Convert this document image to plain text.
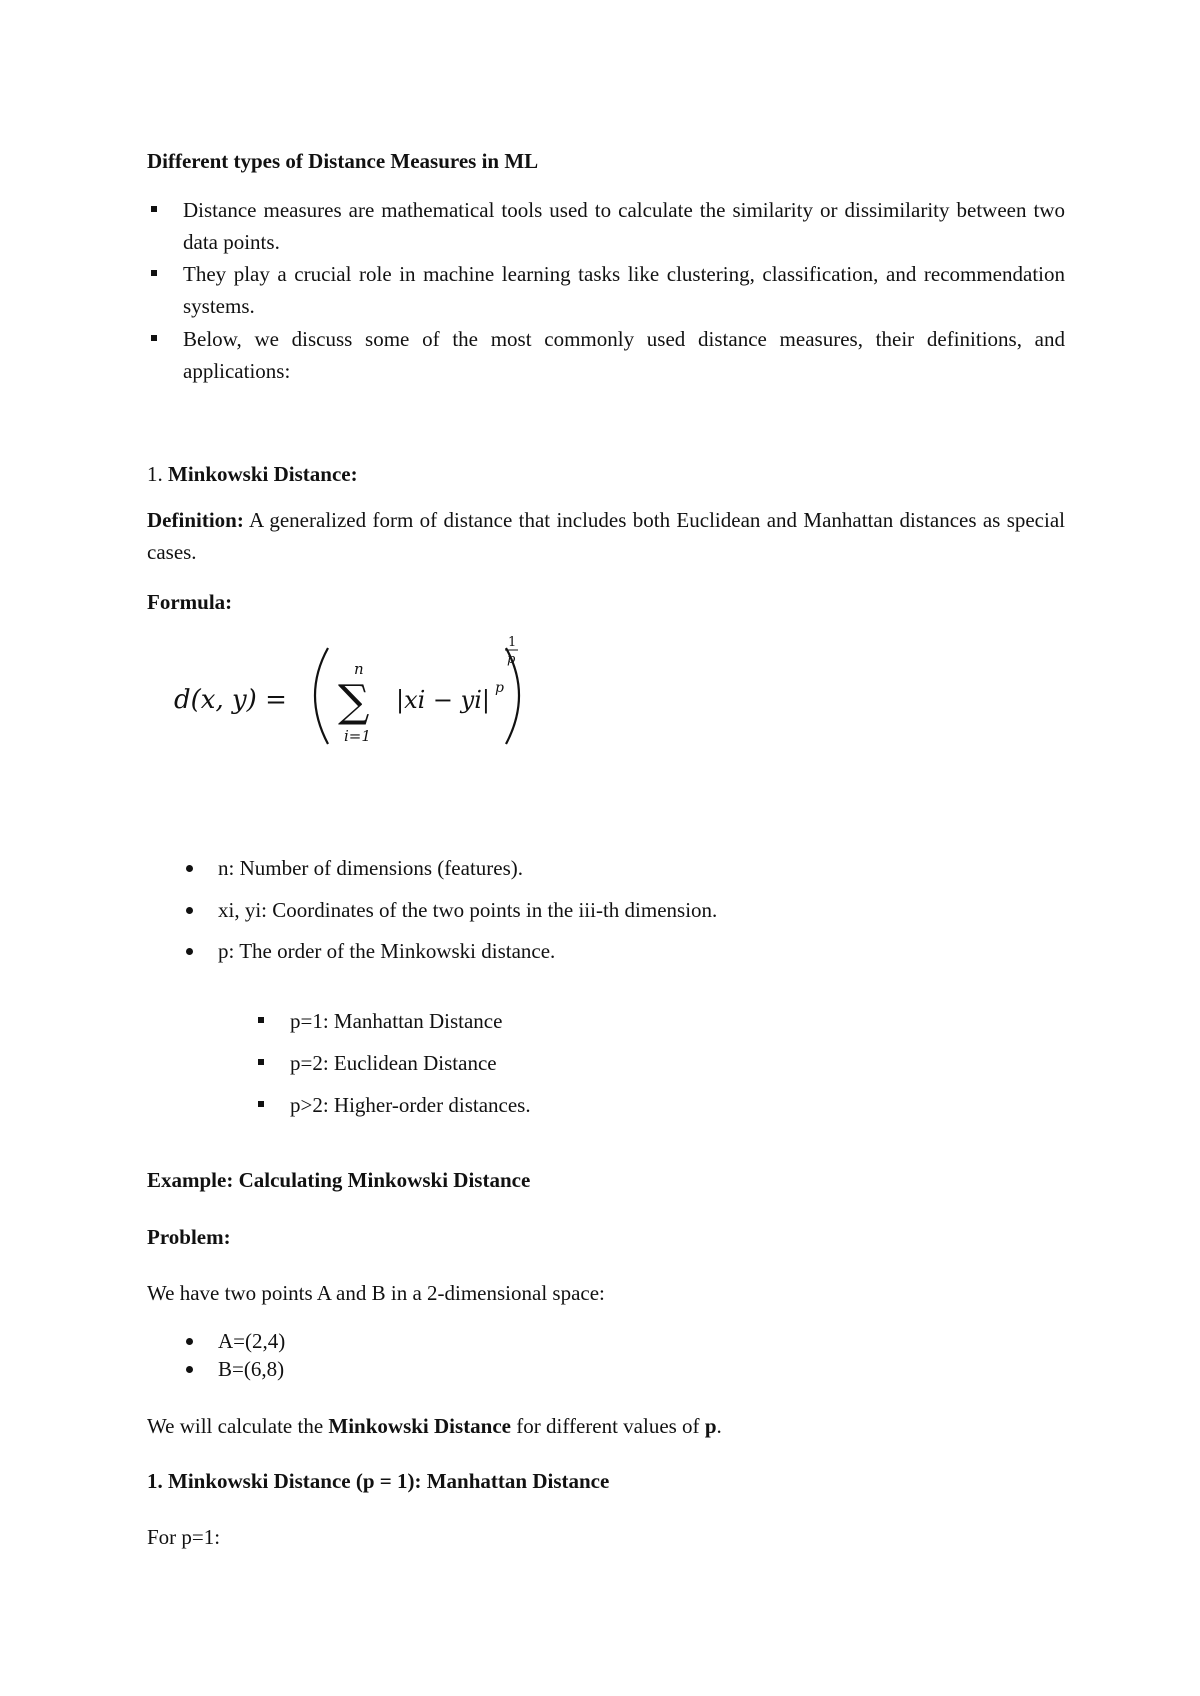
Different types of Distance Measures in ML
Distance measures are mathematical tools used to calculate the similarity or dissimilarity between two data points.
They play a crucial role in machine learning tasks like clustering, classification, and recommendation systems.
Below, we discuss some of the most commonly used distance measures, their definitions, and applications:
1. Minkowski Distance:
Definition: A generalized form of distance that includes both Euclidean and Manhattan distances as special cases.
Formula:
d(x, y) =
n
∑
i=1
|xi − yi| p
1
p
n: Number of dimensions (features).
xi, yi: Coordinates of the two points in the iii-th dimension.
p: The order of the Minkowski distance.
p=1: Manhattan Distance
p=2: Euclidean Distance
p>2: Higher-order distances.
Example: Calculating Minkowski Distance
Problem:
We have two points A and B in a 2-dimensional space:
A=(2,4)
B=(6,8)
We will calculate the Minkowski Distance for different values of p.
1. Minkowski Distance (p = 1): Manhattan Distance
For p=1:
